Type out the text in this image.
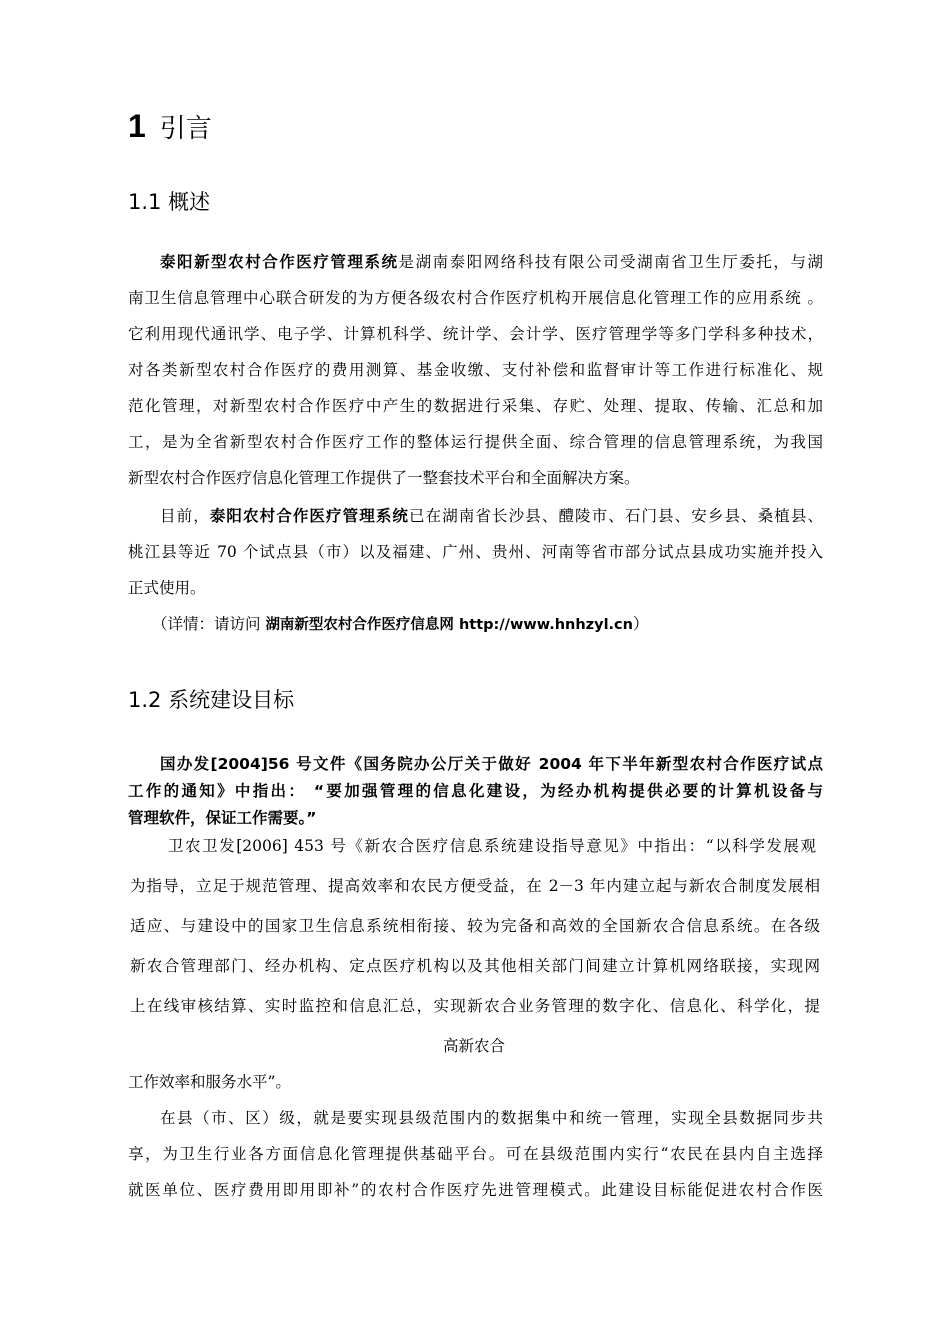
1 引言
1.1 概述
泰阳新型农村合作医疗管理系统是湖南泰阳网络科技有限公司受湖南省卫生厅委托，与湖
南卫生信息管理中心联合研发的为方便各级农村合作医疗机构开展信息化管理工作的应用系统 。
它利用现代通讯学、电子学、计算机科学、统计学、会计学、医疗管理学等多门学科多种技术，
对各类新型农村合作医疗的费用测算、基金收缴、支付补偿和监督审计等工作进行标准化、规
范化管理，对新型农村合作医疗中产生的数据进行采集、存贮、处理、提取、传输、汇总和加
工，是为全省新型农村合作医疗工作的整体运行提供全面、综合管理的信息管理系统，为我国
新型农村合作医疗信息化管理工作提供了一整套技术平台和全面解决方案。
目前，泰阳农村合作医疗管理系统已在湖南省长沙县、醴陵市、石门县、安乡县、桑植县、
桃江县等近 70 个试点县（市）以及福建、广州、贵州、河南等省市部分试点县成功实施并投入
正式使用。
（详情：请访问 湖南新型农村合作医疗信息网 http://www.hnhzyl.cn）
1.2 系统建设目标
国办发[2004]56 号文件《国务院办公厅关于做好 2004 年下半年新型农村合作医疗试点
工作的通知》中指出： “要加强管理的信息化建设，为经办机构提供必要的计算机设备与
管理软件，保证工作需要。”
卫农卫发[2006] 453 号《新农合医疗信息系统建设指导意见》中指出：“以科学发展观
为指导，立足于规范管理、提高效率和农民方便受益，在 2－3 年内建立起与新农合制度发展相
适应、与建设中的国家卫生信息系统相衔接、较为完备和高效的全国新农合信息系统。在各级
新农合管理部门、经办机构、定点医疗机构以及其他相关部门间建立计算机网络联接，实现网
上在线审核结算、实时监控和信息汇总，实现新农合业务管理的数字化、信息化、科学化，提
高新农合
工作效率和服务水平”。
在县（市、区）级，就是要实现县级范围内的数据集中和统一管理，实现全县数据同步共
享，为卫生行业各方面信息化管理提供基础平台。可在县级范围内实行“农民在县内自主选择
就医单位、医疗费用即用即补”的农村合作医疗先进管理模式。此建设目标能促进农村合作医
